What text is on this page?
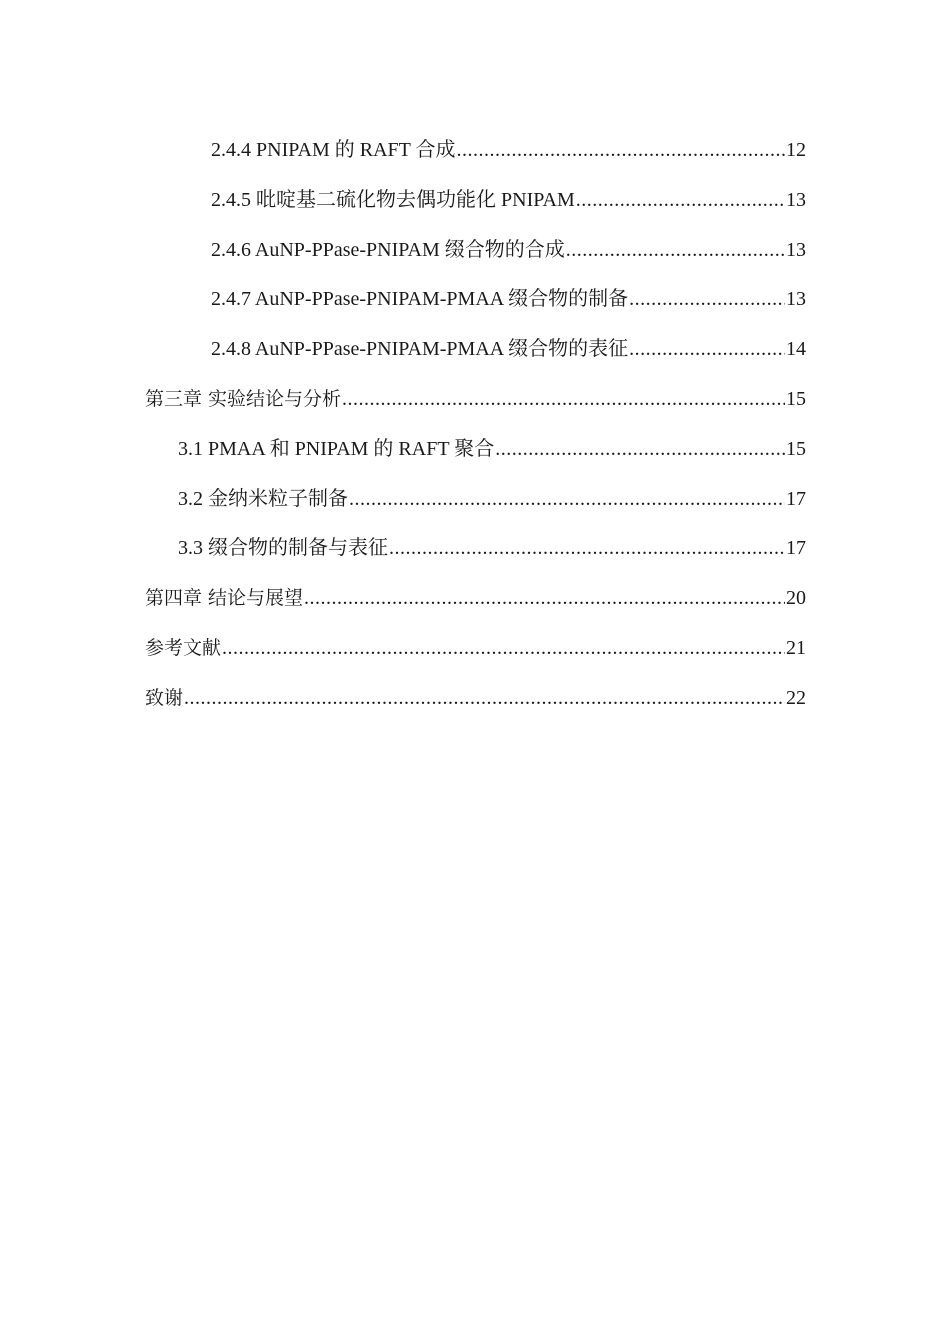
2.4.4 PNIPAM 的 RAFT 合成 .....	12
2.4.5 吡啶基二硫化物去偶功能化 PNIPAM .....	13
2.4.6 AuNP-PPase-PNIPAM 缀合物的合成 .....	13
2.4.7 AuNP-PPase-PNIPAM-PMAA 缀合物的制备 .....	13
2.4.8 AuNP-PPase-PNIPAM-PMAA 缀合物的表征 .....	14
第三章 实验结论与分析 .....	15
3.1 PMAA 和 PNIPAM 的 RAFT 聚合 .....	15
3.2 金纳米粒子制备 .....	17
3.3 缀合物的制备与表征 .....	17
第四章 结论与展望 .....	20
参考文献 .....	21
致谢 .....	22
